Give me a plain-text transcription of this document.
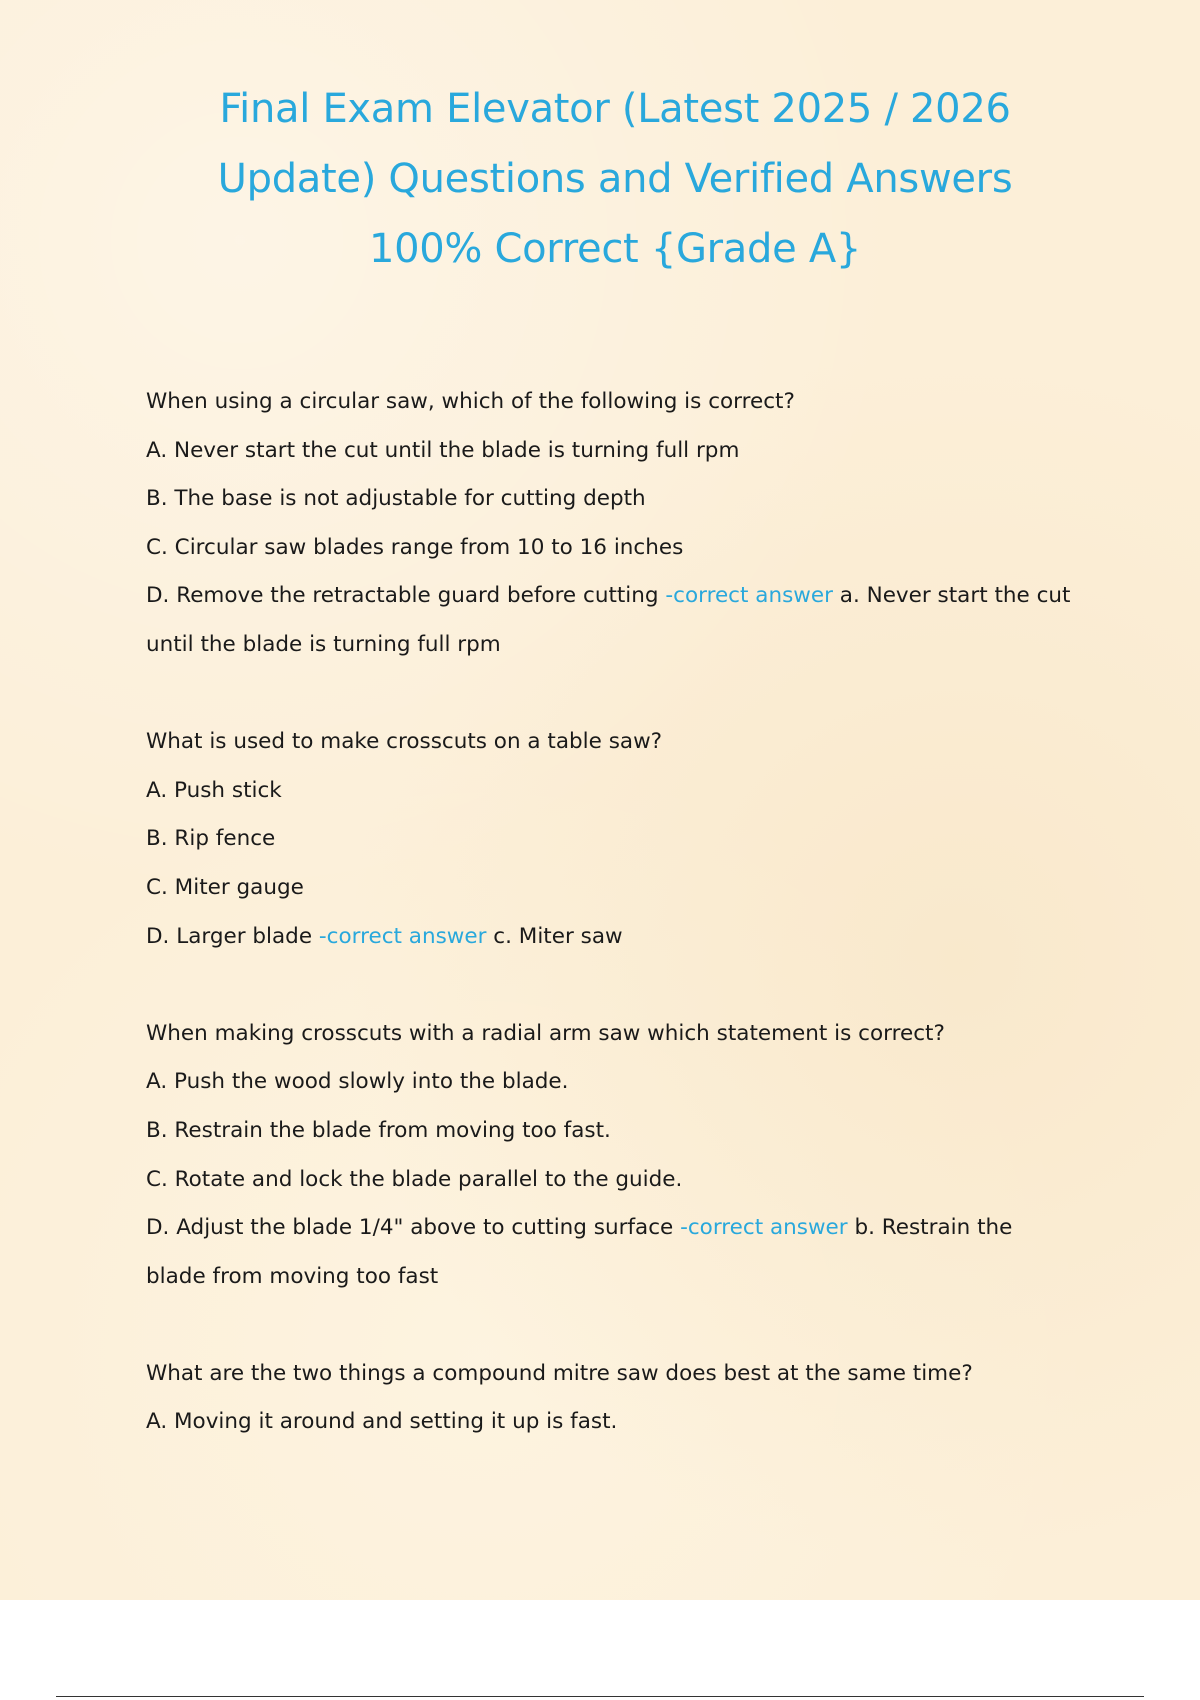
Final Exam Elevator (Latest 2025 / 2026
Update) Questions and Verified Answers
100% Correct {Grade A}
When using a circular saw, which of the following is correct?
A. Never start the cut until the blade is turning full rpm
B. The base is not adjustable for cutting depth
C. Circular saw blades range from 10 to 16 inches
D. Remove the retractable guard before cutting -correct answer a. Never start the cut
until the blade is turning full rpm
What is used to make crosscuts on a table saw?
A. Push stick
B. Rip fence
C. Miter gauge
D. Larger blade -correct answer c. Miter saw
When making crosscuts with a radial arm saw which statement is correct?
A. Push the wood slowly into the blade.
B. Restrain the blade from moving too fast.
C. Rotate and lock the blade parallel to the guide.
D. Adjust the blade 1/4" above to cutting surface -correct answer b. Restrain the
blade from moving too fast
What are the two things a compound mitre saw does best at the same time?
A. Moving it around and setting it up is fast.
